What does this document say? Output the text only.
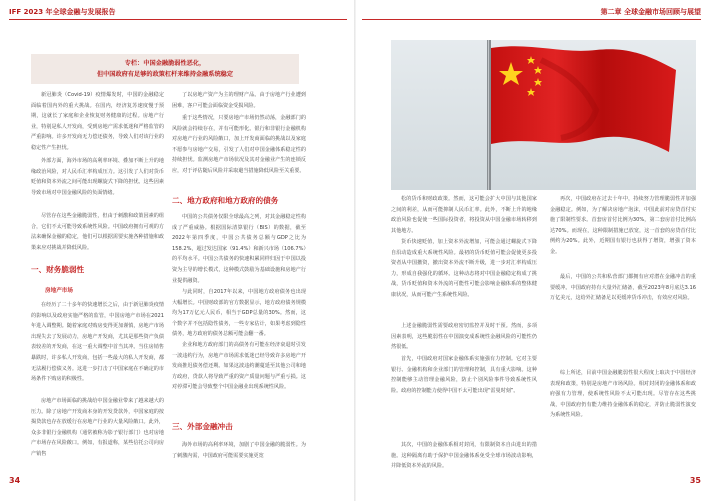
IFF 2023 年全球金融与发展报告	第二章 全球金融市场回顾与展望
专栏：中国金融脆弱性恶化，
但中国政府有足够的政策杠杆来维持金融系统稳定

新冠肺炎（Covid-19）疫情爆发时，中国的金融稳定面临着国内外的重大挑战。在国内，经济复苏速度慢于预期，这就长了家庭和企业恢复财务健康的过程。房地产行业，特别是私人开发商，受到房地产需求低迷和严格监管的严重影响。许多开发商无力偿还债务，导致人们对该行业的稳定性产生担忧。

外部方面，海外市场的高利率环境、叠加不断上升的地缘政治风险，对人民币汇率构成压力。这引发了人们对货币贬值和资本外流之间可能出现螺旋式下降的担忧。这些因素导致市场对中国金融风险的负面情绪。

尽管存在这些金融脆弱性，但由于刺激和政策因素的组合，它们不太可能导致系统性风险。中国政府拥有可观的方法来确保金融的稳定，他们可以根据需要实施各种措施和政策来应对挑战并降低风险。

一、财务脆弱性
房地产市场

在经历了二十多年的快速增长之后，由于新冠肺炎疫情的影响以及政府实施严格的监管，中国房地产市场在2021年进入调整期。随着家庭对购房变得更加谨慎，房地产市场出现失去了发展动力，房地产开发商，尤其是那些资产负债表较差的开发商，在这一重大调整中首当其冲。当住房销售暴跌时，许多私人开发商，包括一些最大的私人开发商，都无法履行偿债义务。这进一步打击了中国家庭在不确定的市场条件下购房的积极性。

房地产市场面临的挑战给中国金融业带来了越来越大的压力。除了房地产开发商本身的开发贷款外，中国家庭的按揭贷款也存在放缓行在房地产行业的大量风险敞口。此外，众多非银行金融机构（通常被称为影子银行部门）也对房地产市场存在风险敞口。例如，有报道称，某些信托公司向房产销售

了以房地产资产为主的理财产品。由于房地产行业遭到困难，客户可能会面临资金受损风险。

重于这些情况，只要房地产市场仍然动荡，金融部门的风险就会持续存在，并有可能形化。银行和非银行金融机构对房地产行业的风险敞口，加上开发商面临的挑战以及家庭不愿参与房地产交易，引发了人们对中国金融体系稳定性的持续担忧。监测房地产市场状况及其对金融业产生的连锁反应，对于评估随后风险并采取避当措施降低风险至关重要。

二、地方政府和地方政府的债务

中国的公共债务仅限全球最高之列，对其金融稳定性构成了严重威胁。根据国际清算银行（BIS）的数据，截至2022年第四季度，中国公共债务总额与GDP之比为158.2%，超过发达国家（91.4%）和新兴市场（106.7%）的平均水平。中国公共债务的快速积累同样归因于中国以投资为主导的增长模式，这种模式鼓励为基础设施和房地产行业提供融资。

与此同时，自2017年以来，中国地方政府债务也出现大幅增长。中国财政部的官方数据显示，地方政府债务规模均为17万亿元人民币，相当于GDP总量的30%。然而，这个数字并不包括隐性债务，一些专家估计，如果考虑到隐性债务，地方政府的债务总额可能会翻一番。

企业和地方政府部门的高债务有可能在经济衰退时引发一波违约行为，房地产市场需求低迷已经导致许多房地产开发商推迟债务偿还期。如果这波违约潮蔓延至其他公司和地方政府，贷款人将导致严重的资产质量问题与严重亏损。这对停滞可能会导致整个中国金融业出现系统性风险。

三、外部金融冲击

海外市场的高利率环境，加剧了中国金融的脆弱性。为了刺激内需，中国政府可能需要实施更宽

松的货币和财政政策。然而，这可能会扩大中国与其他国家之间的利差，从而可能抑制人民币汇率。此外，不断上升的地缘政治风险也促使一些国际投资者，将投资从中国金融市场转移到其他地方。

货币快速贬值，加上资本外流增加，可能会通过螺旋式下降自沿动造成重大系统性风险。最初的货币贬值可能会促使更多投资者从中国撤资，撤出资本外流不断升级，进一步对汇率构成压力，形成自我强化的循环。这种动态将对中国金融稳定构成了挑战，货币贬值和资本外流的可能性可能会影响金融体系的整体健康状况，从而可能产生系统性风险。

上述金融脆弱性需要政府密切监控并及时干预。然而，多项因素表明，这些脆弱性在中国演变成系统性金融风险的可能性仍然很低。

首先，中国政府对国家金融体系实施强有力控制。它对主要银行、金融机构和企业部门的管理和控制，具有重大影响。这种控制能够主动管理金融风险，防止个别风险事件导致系统性风险。政府的控制能力使得中国不太可能出现“雷曼时刻”。

其次，中国的金融体系相对封闭，有限制资本自由进出的措施。这种隔离有助于保护中国金融体系免受全球市场波动影响，并降低资本外流的风险。

再次，中国政府在过去十年中，持续努力管理脆弱性并加强金融稳定。例如，为了解决房地产泡沫，中国此前对房贷首付实施了限制性要求。首套房首付比例为30%，第二套房首付比例高达70%。而现在，这种限制措施已放宽，这一首套的房贷首付比例约为20%。此外，近期国有银行也获得了增资，增强了资本金。

最后，中国的公共和私营部门都拥有应对潜在金融冲击的重要缓冲。中国政府持有大量外汇储备，截至2023年8月底达3.16万亿美元，这给外汇储备足以更缓冲货币冲击，有效应对风险。

综上所述，目前中国金融脆弱性很大程度上取决于中国经济表现和政策，特别是房地产市场风险。相对封闭的金融体系和政府强有力管理，使系统性风险不太可能出现。尽管存在这些挑战，中国政府仍有能力维持金融体系的稳定，并防止脆弱性演变为系统性风险。

34	35
